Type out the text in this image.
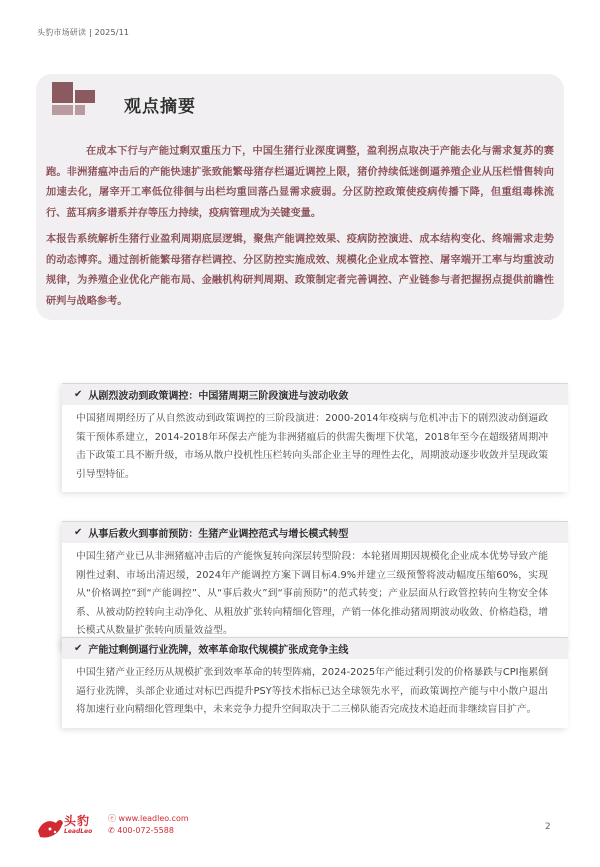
头豹市场研读 | 2025/11
观点摘要

在成本下行与产能过剩双重压力下，中国生猪行业深度调整，盈利拐点取决于产能去化与需求复苏的赛跑。非洲猪瘟冲击后的产能快速扩张致能繁母猪存栏逼近调控上限，猪价持续低迷倒逼养殖企业从压栏惜售转向加速去化，屠宰开工率低位徘徊与出栏均重回落凸显需求疲弱。分区防控政策使疫病传播下降，但重组毒株流行、蓝耳病多谱系并存等压力持续，疫病管理成为关键变量。

本报告系统解析生猪行业盈利周期底层逻辑，聚焦产能调控效果、疫病防控演进、成本结构变化、终端需求走势的动态博弈。通过剖析能繁母猪存栏调控、分区防控实施成效、规模化企业成本管控、屠宰端开工率与均重波动规律，为养殖企业优化产能布局、金融机构研判周期、政策制定者完善调控、产业链参与者把握拐点提供前瞻性研判与战略参考。

✔ 从剧烈波动到政策调控：中国猪周期三阶段演进与波动收敛

中国猪周期经历了从自然波动到政策调控的三阶段演进：2000-2014年疫病与危机冲击下的剧烈波动倒逼政策干预体系建立，2014-2018年环保去产能为非洲猪瘟后的供需失衡埋下伏笔，2018年至今在超级猪周期冲击下政策工具不断升级，市场从散户投机性压栏转向头部企业主导的理性去化，周期波动逐步收敛并呈现政策引导型特征。

✔ 从事后救火到事前预防：生猪产业调控范式与增长模式转型

中国生猪产业已从非洲猪瘟冲击后的产能恢复转向深层转型阶段：本轮猪周期因规模化企业成本优势导致产能刚性过剩、市场出清迟缓，2024年产能调控方案下调目标4.9%并建立三级预警将波动幅度压缩60%，实现从“价格调控”到“产能调控”、从“事后救火”到“事前预防”的范式转变；产业层面从行政管控转向生物安全体系、从被动防控转向主动净化、从粗放扩张转向精细化管理，产销一体化推动猪周期波动收敛、价格趋稳，增长模式从数量扩张转向质量效益型。

✔ 产能过剩倒逼行业洗牌，效率革命取代规模扩张成竞争主线

中国生猪产业正经历从规模扩张到效率革命的转型阵痛，2024-2025年产能过剩引发的价格暴跌与CPI拖累倒逼行业洗牌，头部企业通过对标巴西提升PSY等技术指标已达全球领先水平，而政策调控产能与中小散户退出将加速行业向精细化管理集中，未来竞争力提升空间取决于二三梯队能否完成技术追赶而非继续盲目扩产。

头豹
LeadLeo
ⓔ www.leadleo.com
✆ 400-072-5588	2
